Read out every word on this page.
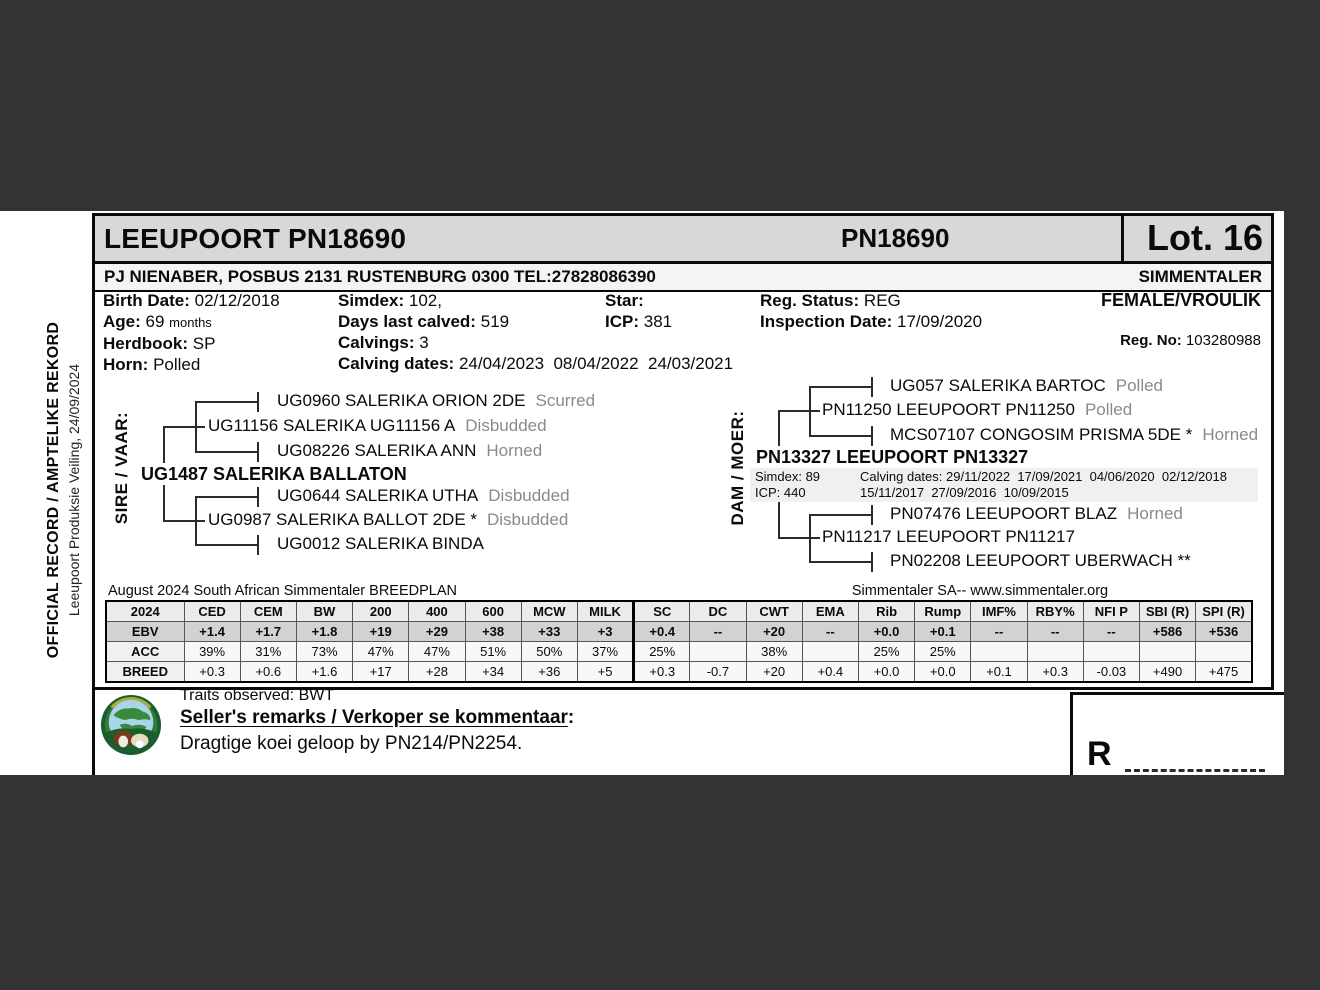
OFFICIAL RECORD / AMPTELIKE REKORD Leeupoort Produksie Veiling, 24/09/2024
LEEUPOORT PN18690	PN18690	Lot. 16
PJ NIENABER, POSBUS 2131 RUSTENBURG 0300 TEL:27828086390	SIMMENTALER
Birth Date: 02/12/2018
Age: 69 months
Herdbook: SP
Horn: Polled
Simdex: 102,
Days last calved: 519
Calvings: 3
Calving dates: 24/04/2023  08/04/2022  24/03/2021
Star:
ICP: 381
Reg. Status: REG
Inspection Date: 17/09/2020
FEMALE/VROULIK
Reg. No: 103280988
SIRE / VAAR:
UG0960 SALERIKA ORION 2DE Scurred
UG11156 SALERIKA UG11156 A Disbudded
UG08226 SALERIKA ANN Horned
UG1487 SALERIKA BALLATON
UG0644 SALERIKA UTHA Disbudded
UG0987 SALERIKA BALLOT 2DE * Disbudded
UG0012 SALERIKA BINDA
DAM / MOER:
UG057 SALERIKA BARTOC Polled
PN11250 LEEUPOORT PN11250 Polled
MCS07107 CONGOSIM PRISMA 5DE * Horned
PN13327 LEEUPOORT PN13327
Simdex: 89
ICP: 440
Calving dates: 29/11/2022  17/09/2021  04/06/2020  02/12/2018
15/11/2017  27/09/2016  10/09/2015
PN07476 LEEUPOORT BLAZ Horned
PN11217 LEEUPOORT PN11217
PN02208 LEEUPOORT UBERWACH **
August 2024 South African Simmentaler BREEDPLAN	Simmentaler SA-- www.simmentaler.org
2024	CED	CEM	BW	200	400	600	MCW	MILK	SC	DC	CWT	EMA	Rib	Rump	IMF%	RBY%	NFI P	SBI (R)	SPI (R)
EBV	+1.4	+1.7	+1.8	+19	+29	+38	+33	+3	+0.4	--	+20	--	+0.0	+0.1	--	--	--	+586	+536
ACC	39%	31%	73%	47%	47%	51%	50%	37%	25%		38%		25%	25%					
BREED	+0.3	+0.6	+1.6	+17	+28	+34	+36	+5	+0.3	-0.7	+20	+0.4	+0.0	+0.0	+0.1	+0.3	-0.03	+490	+475
Traits observed: BWT
Seller's remarks / Verkoper se kommentaar:
Dragtige koei geloop by PN214/PN2254.	R
